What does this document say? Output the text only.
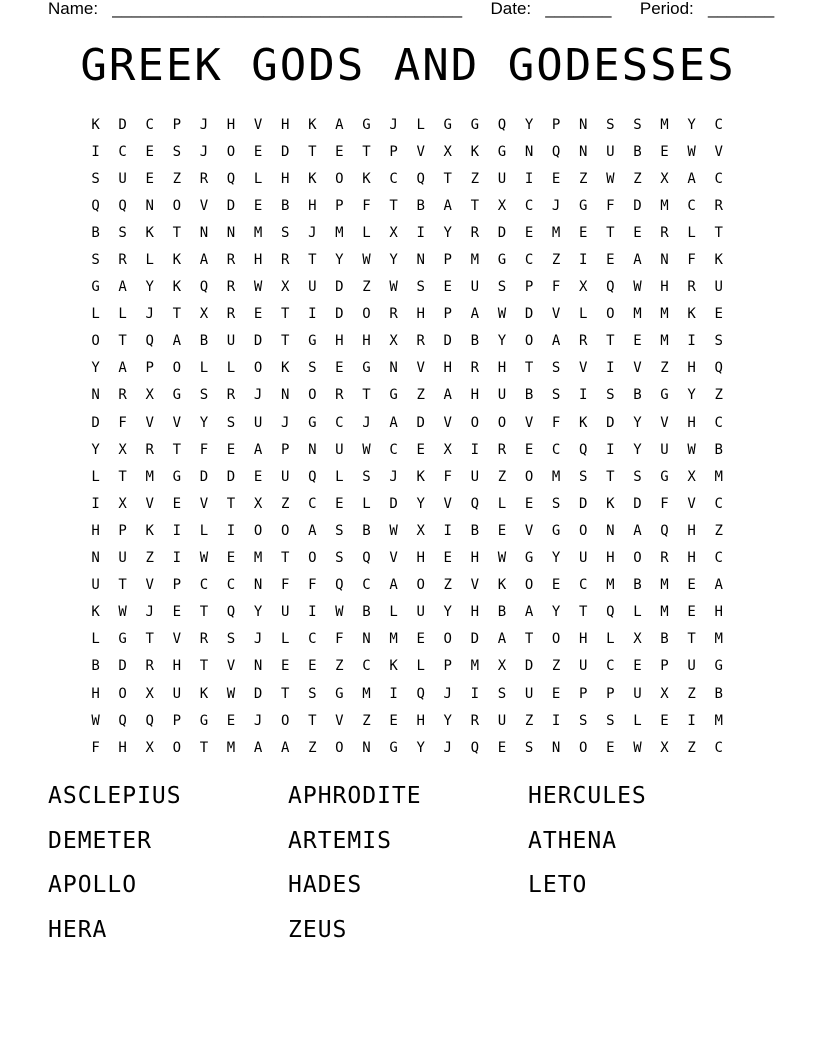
Name: _____________________________________ Date: _______ Period: _______
GREEK GODS AND GODESSES
K	D	C	P	J	H	V	H	K	A	G	J	L	G	G	Q	Y	P	N	S	S	M	Y	C
I	C	E	S	J	O	E	D	T	E	T	P	V	X	K	G	N	Q	N	U	B	E	W	V
S	U	E	Z	R	Q	L	H	K	O	K	C	Q	T	Z	U	I	E	Z	W	Z	X	A	C
Q	Q	N	O	V	D	E	B	H	P	F	T	B	A	T	X	C	J	G	F	D	M	C	R
B	S	K	T	N	N	M	S	J	M	L	X	I	Y	R	D	E	M	E	T	E	R	L	T
S	R	L	K	A	R	H	R	T	Y	W	Y	N	P	M	G	C	Z	I	E	A	N	F	K
G	A	Y	K	Q	R	W	X	U	D	Z	W	S	E	U	S	P	F	X	Q	W	H	R	U
L	L	J	T	X	R	E	T	I	D	O	R	H	P	A	W	D	V	L	O	M	M	K	E
O	T	Q	A	B	U	D	T	G	H	H	X	R	D	B	Y	O	A	R	T	E	M	I	S
Y	A	P	O	L	L	O	K	S	E	G	N	V	H	R	H	T	S	V	I	V	Z	H	Q
N	R	X	G	S	R	J	N	O	R	T	G	Z	A	H	U	B	S	I	S	B	G	Y	Z
D	F	V	V	Y	S	U	J	G	C	J	A	D	V	O	O	V	F	K	D	Y	V	H	C
Y	X	R	T	F	E	A	P	N	U	W	C	E	X	I	R	E	C	Q	I	Y	U	W	B
L	T	M	G	D	D	E	U	Q	L	S	J	K	F	U	Z	O	M	S	T	S	G	X	M
I	X	V	E	V	T	X	Z	C	E	L	D	Y	V	Q	L	E	S	D	K	D	F	V	C
H	P	K	I	L	I	O	O	A	S	B	W	X	I	B	E	V	G	O	N	A	Q	H	Z
N	U	Z	I	W	E	M	T	O	S	Q	V	H	E	H	W	G	Y	U	H	O	R	H	C
U	T	V	P	C	C	N	F	F	Q	C	A	O	Z	V	K	O	E	C	M	B	M	E	A
K	W	J	E	T	Q	Y	U	I	W	B	L	U	Y	H	B	A	Y	T	Q	L	M	E	H
L	G	T	V	R	S	J	L	C	F	N	M	E	O	D	A	T	O	H	L	X	B	T	M
B	D	R	H	T	V	N	E	E	Z	C	K	L	P	M	X	D	Z	U	C	E	P	U	G
H	O	X	U	K	W	D	T	S	G	M	I	Q	J	I	S	U	E	P	P	U	X	Z	B
W	Q	Q	P	G	E	J	O	T	V	Z	E	H	Y	R	U	Z	I	S	S	L	E	I	M
F	H	X	O	T	M	A	A	Z	O	N	G	Y	J	Q	E	S	N	O	E	W	X	Z	C
ASCLEPIUS	APHRODITE	HERCULES
DEMETER	ARTEMIS	ATHENA
APOLLO	HADES	LETO
HERA	ZEUS
